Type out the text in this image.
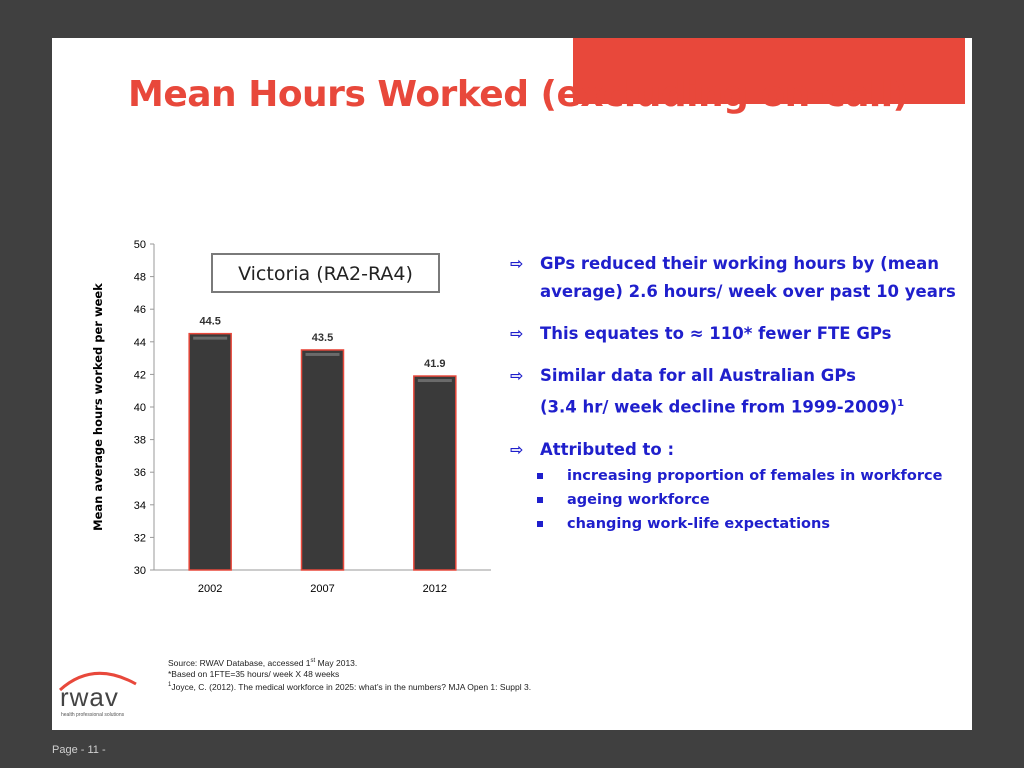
Mean Hours Worked (excluding on-call)
30
32
34
36
38
40
42
44
46
48
50
Mean average hours worked per week	44.5
2002
43.5
2007
41.9
2012
Victoria (RA2-RA4)	⇨ GPs reduced their working hours by (mean average) 2.6 hours/ week over past 10 years
⇨ This equates to ≈ 110* fewer FTE GPs
⇨ Similar data for all Australian GPs
(3.4 hr/ week decline from 1999-2009)$^1$
⇨ Attributed to :
increasing proportion of females in workforce
ageing workforce
changing work-life expectations
Source: RWAV Database, accessed 1st May 2013.
*Based on 1FTE=35 hours/ week X 48 weeks
$^1$Joyce, C. (2012). The medical workforce in 2025: what’s in the numbers? MJA Open 1: Suppl 3.
rwav
health professional solutions
Page - 11 -
